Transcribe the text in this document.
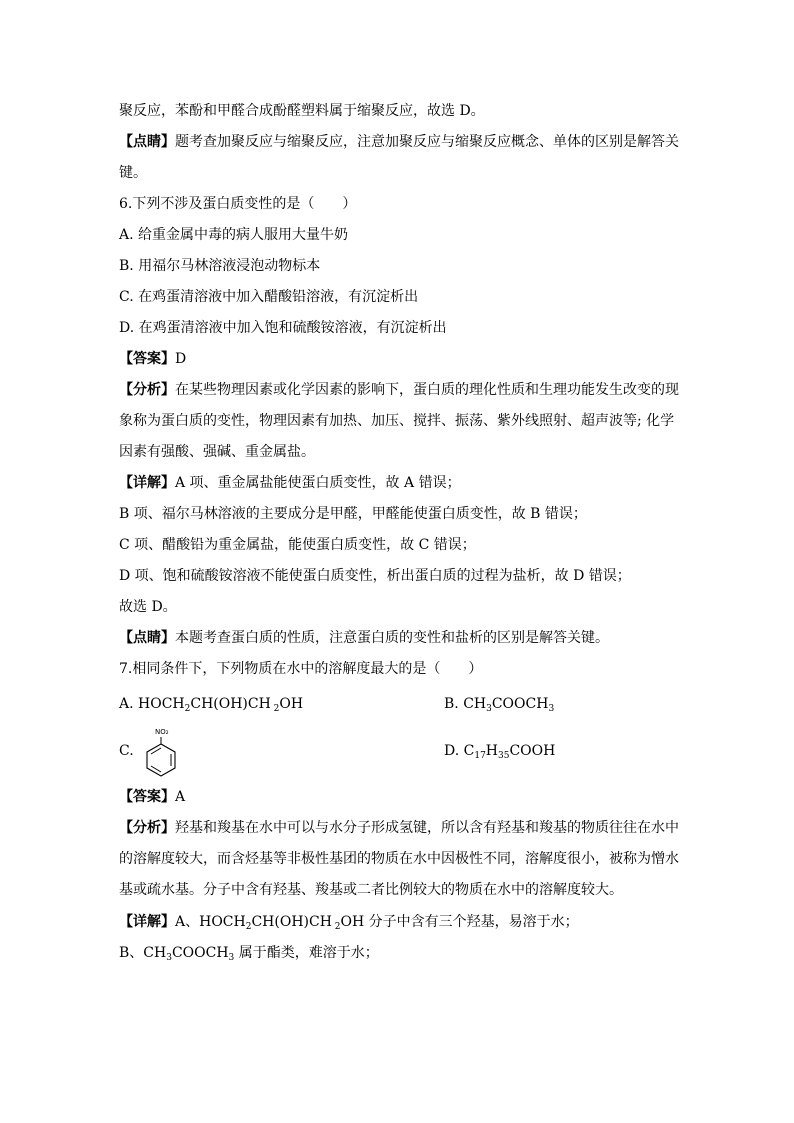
聚反应，苯酚和甲醛合成酚醛塑料属于缩聚反应，故选 D。
【点睛】题考查加聚反应与缩聚反应，注意加聚反应与缩聚反应概念、单体的区别是解答关
键。
6.下列不涉及蛋白质变性的是（　　）
A. 给重金属中毒的病人服用大量牛奶
B. 用福尔马林溶液浸泡动物标本
C. 在鸡蛋清溶液中加入醋酸铅溶液，有沉淀析出
D. 在鸡蛋清溶液中加入饱和硫酸铵溶液，有沉淀析出
【答案】D
【分析】在某些物理因素或化学因素的影响下，蛋白质的理化性质和生理功能发生改变的现
象称为蛋白质的变性，物理因素有加热、加压、搅拌、振荡、紫外线照射、超声波等; 化学
因素有强酸、强碱、重金属盐。
【详解】A 项、重金属盐能使蛋白质变性，故 A 错误；
B 项、福尔马林溶液的主要成分是甲醛，甲醛能使蛋白质变性，故 B 错误；
C 项、醋酸铅为重金属盐，能使蛋白质变性，故 C 错误；
D 项、饱和硫酸铵溶液不能使蛋白质变性，析出蛋白质的过程为盐析，故 D 错误；
故选 D。
【点睛】本题考查蛋白质的性质，注意蛋白质的变性和盐析的区别是解答关键。
7.相同条件下，下列物质在水中的溶解度最大的是（　　）
A. $HOCH_2CH(OH)CH$ $_2$OH	B. $CH_3COOCH_3$
C.
NO₂
D. $C_{17}H_{35}COOH$
【答案】A
【分析】羟基和羧基在水中可以与水分子形成氢键，所以含有羟基和羧基的物质往往在水中
的溶解度较大，而含烃基等非极性基团的物质在水中因极性不同，溶解度很小，被称为憎水
基或疏水基。分子中含有羟基、羧基或二者比例较大的物质在水中的溶解度较大。
【详解】A、$HOCH_2CH(OH)CH$ $_2$OH 分子中含有三个羟基，易溶于水；
B、$CH_3COOCH_3$ 属于酯类，难溶于水；
